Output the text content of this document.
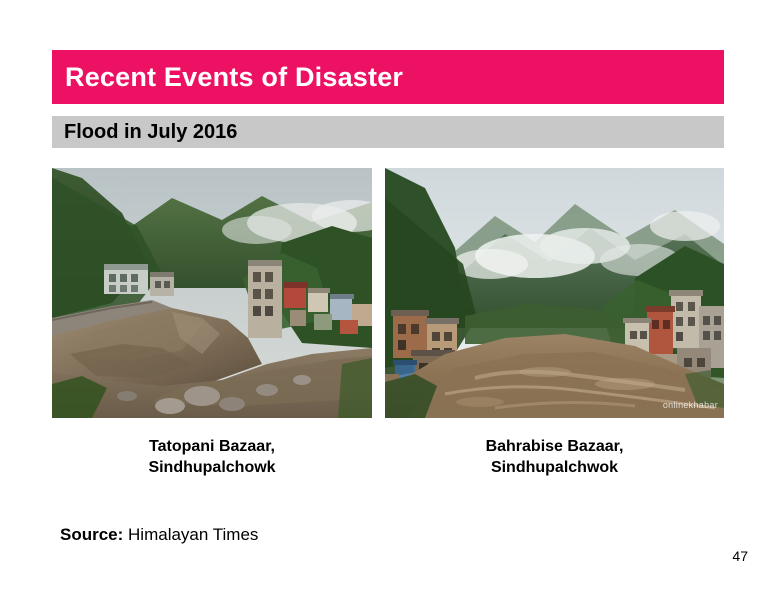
Recent Events of Disaster
Flood in July 2016
onlinekhabar
Tatopani Bazaar,
Sindhupalchowk
Bahrabise Bazaar,
Sindhupalchwok
Source: Himalayan Times
47
